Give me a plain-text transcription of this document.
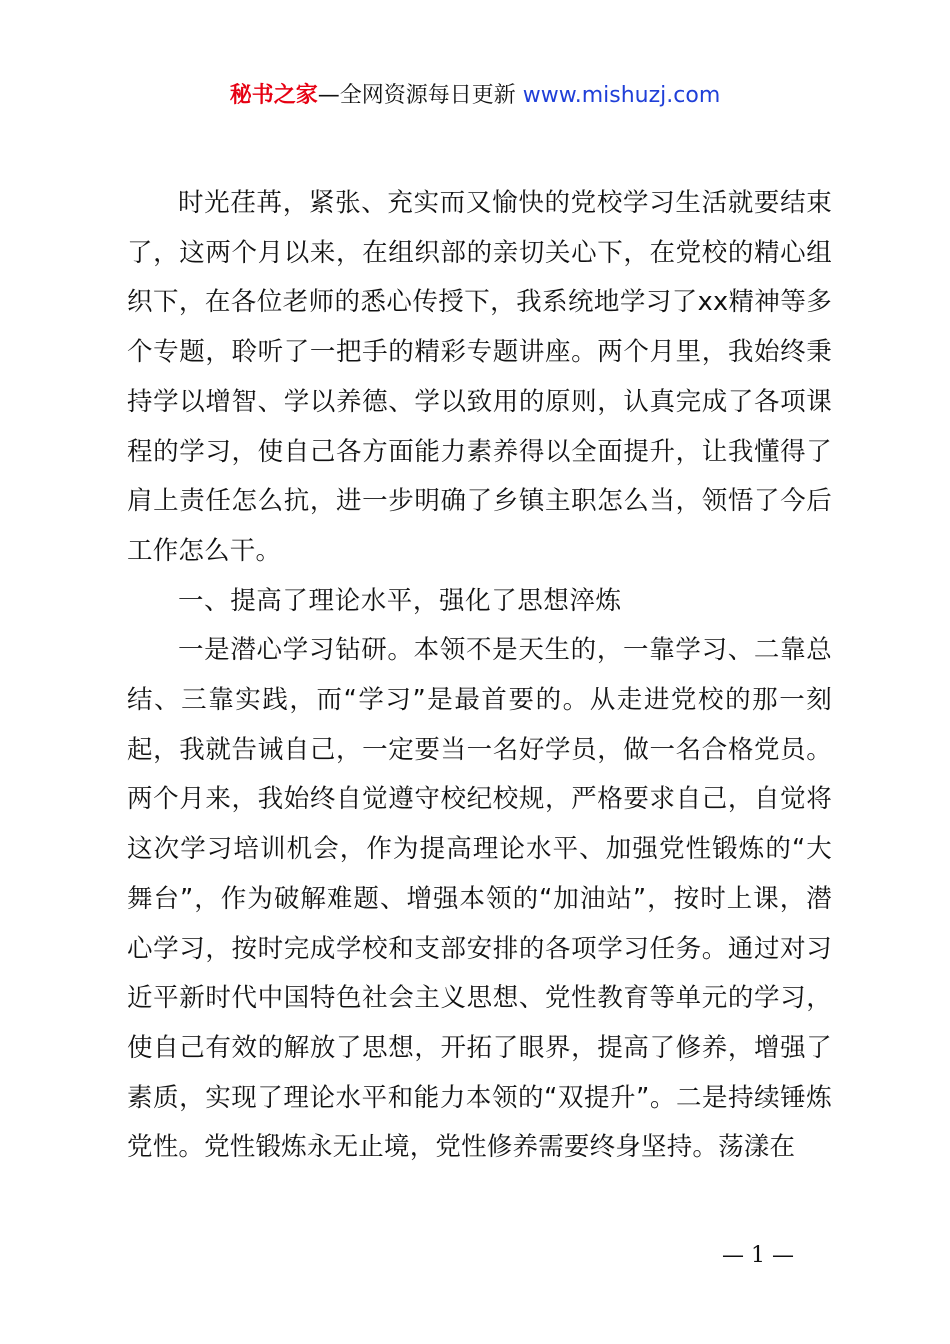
秘书之家—全网资源每日更新 www.mishuzj.com

时光荏苒，紧张、充实而又愉快的党校学习生活就要结束了，这两个月以来，在组织部的亲切关心下，在党校的精心组织下，在各位老师的悉心传授下，我系统地学习了xx精神等多个专题，聆听了一把手的精彩专题讲座。两个月里，我始终秉持学以增智、学以养德、学以致用的原则，认真完成了各项课程的学习，使自己各方面能力素养得以全面提升，让我懂得了肩上责任怎么抗，进一步明确了乡镇主职怎么当，领悟了今后工作怎么干。

一、提高了理论水平，强化了思想淬炼

一是潜心学习钻研。本领不是天生的，一靠学习、二靠总结、三靠实践，而“学习”是最首要的。从走进党校的那一刻起，我就告诫自己，一定要当一名好学员，做一名合格党员。两个月来，我始终自觉遵守校纪校规，严格要求自己，自觉将这次学习培训机会，作为提高理论水平、加强党性锻炼的“大舞台”，作为破解难题、增强本领的“加油站”，按时上课，潜心学习，按时完成学校和支部安排的各项学习任务。通过对习近平新时代中国特色社会主义思想、党性教育等单元的学习，使自己有效的解放了思想，开拓了眼界，提高了修养，增强了素质，实现了理论水平和能力本领的“双提升”。二是持续锤炼党性。党性锻炼永无止境，党性修养需要终身坚持。荡漾在

— 1 —
